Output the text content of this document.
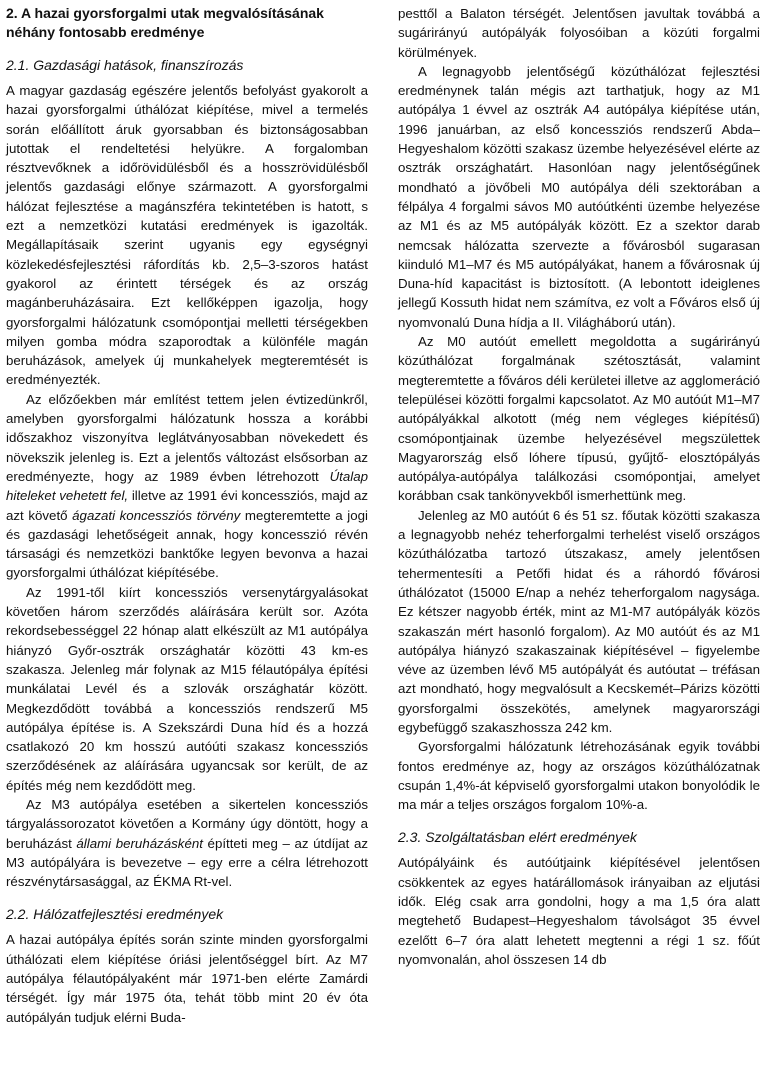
2. A hazai gyorsforgalmi utak megvalósításának néhány fontosabb eredménye
2.1. Gazdasági hatások, finanszírozás

A magyar gazdaság egészére jelentős befolyást gyakorolt a hazai gyorsforgalmi úthálózat kiépítése, mivel a termelés során előállított áruk gyorsabban és biztonságosabban jutottak el rendeltetési helyükre. A forgalomban résztvevőknek a időrövidülésből és a hosszrövidülésből jelentős gazdasági előnye származott. A gyorsforgalmi hálózat fejlesztése a magánszféra tekintetében is hatott, s ezt a nemzetközi kutatási eredmények is igazolták. Megállapításaik szerint ugyanis egy egységnyi közlekedésfejlesztési ráfordítás kb. 2,5–3-szoros hatást gyakorol az érintett térségek és az ország magánberuházásaira. Ezt kellőképpen igazolja, hogy gyorsforgalmi hálózatunk csomópontjai melletti térségekben milyen gomba módra szaporodtak a különféle magán beruházások, amelyek új munkahelyek megteremtését is eredményezték.

Az előzőekben már említést tettem jelen évtizedünkről, amelyben gyorsforgalmi hálózatunk hossza a korábbi időszakhoz viszonyítva leglátványosabban növekedett és növekszik jelenleg is. Ezt a jelentős változást elsősorban az eredményezte, hogy az 1989 évben létrehozott Útalap hiteleket vehetett fel, illetve az 1991 évi koncessziós, majd az azt követő ágazati koncessziós törvény megteremtette a jogi és gazdasági lehetőségeit annak, hogy koncesszió révén társasági és nemzetközi banktőke legyen bevonva a hazai gyorsforgalmi úthálózat kiépítésébe.

Az 1991-től kiírt koncessziós versenytárgyalásokat követően három szerződés aláírására került sor. Azóta rekordsebességgel 22 hónap alatt elkészült az M1 autópálya hiányzó Győr-osztrák országhatár közötti 43 km-es szakasza. Jelenleg már folynak az M15 félautópálya építési munkálatai Levél és a szlovák országhatár között. Megkezdődött továbbá a koncessziós rendszerű M5 autópálya építése is. A Szekszárdi Duna híd és a hozzá csatlakozó 20 km hosszú autóúti szakasz koncessziós szerződésének az aláírására ugyancsak sor került, de az építés még nem kezdődött meg.

Az M3 autópálya esetében a sikertelen koncessziós tárgyalássorozatot követően a Kormány úgy döntött, hogy a beruházást állami beruházásként építteti meg – az útdíjat az M3 autópályára is bevezetve – egy erre a célra létrehozott részvénytársasággal, az ÉKMA Rt-vel.

2.2. Hálózatfejlesztési eredmények

A hazai autópálya építés során szinte minden gyorsforgalmi úthálózati elem kiépítése óriási jelentőséggel bírt. Az M7 autópálya félautópályaként már 1971-ben elérte Zamárdi térségét. Így már 1975 óta, tehát több mint 20 év óta autópályán tudjuk elérni Buda-

pesttől a Balaton térségét. Jelentősen javultak továbbá a sugárirányú autópályák folyosóiban a közúti forgalmi körülmények.

A legnagyobb jelentőségű közúthálózat fejlesztési eredménynek talán mégis azt tarthatjuk, hogy az M1 autópálya 1 évvel az osztrák A4 autópálya kiépítése után, 1996 januárban, az első koncessziós rendszerű Abda–Hegyeshalom közötti szakasz üzembe helyezésével elérte az osztrák országhatárt. Hasonlóan nagy jelentőségűnek mondható a jövőbeli M0 autópálya déli szektorában a félpálya 4 forgalmi sávos M0 autóútkénti üzembe helyezése az M1 és az M5 autópályák között. Ez a szektor darab nemcsak hálózatta szervezte a fővárosból sugarasan kiinduló M1–M7 és M5 autópályákat, hanem a fővárosnak új Duna-híd kapacitást is biztosított. (A lebontott ideiglenes jellegű Kossuth hidat nem számítva, ez volt a Főváros első új nyomvonalú Duna hídja a II. Világháború után).

Az M0 autóút emellett megoldotta a sugárirányú közúthálózat forgalmának szétosztását, valamint megteremtette a főváros déli kerületei illetve az agglomeráció települései közötti forgalmi kapcsolatot. Az M0 autóút M1–M7 autópályákkal alkotott (még nem végleges kiépítésű) csomópontjainak üzembe helyezésével megszülettek Magyarország első lóhere típusú, gyűjtő- elosztópályás autópálya-autópálya találkozási csomópontjai, amelyet korábban csak tankönyvekből ismerhettünk meg.

Jelenleg az M0 autóút 6 és 51 sz. főutak közötti szakasza a legnagyobb nehéz teherforgalmi terhelést viselő országos közúthálózatba tartozó útszakasz, amely jelentősen tehermentesíti a Petőfi hidat és a ráhordó fővárosi úthálózatot (15000 E/nap a nehéz teherforgalom nagysága. Ez kétszer nagyobb érték, mint az M1-M7 autópályák közös szakaszán mért hasonló forgalom). Az M0 autóút és az M1 autópálya hiányzó szakaszainak kiépítésével – figyelembe véve az üzemben lévő M5 autópályát és autóutat – tréfásan azt mondható, hogy megvalósult a Kecskemét–Párizs közötti gyorsforgalmi összekötés, amelynek magyarországi egybefüggő szakaszhossza 242 km.

Gyorsforgalmi hálózatunk létrehozásának egyik további fontos eredménye az, hogy az országos közúthálózatnak csupán 1,4%-át képviselő gyorsforgalmi utakon bonyolódik le ma már a teljes országos forgalom 10%-a.

2.3. Szolgáltatásban elért eredmények

Autópályáink és autóútjaink kiépítésével jelentősen csökkentek az egyes határállomások irányaiban az eljutási idők. Elég csak arra gondolni, hogy a ma 1,5 óra alatt megtehető Budapest–Hegyeshalom távolságot 35 évvel ezelőtt 6–7 óra alatt lehetett megtenni a régi 1 sz. főút nyomvonalán, ahol összesen 14 db
